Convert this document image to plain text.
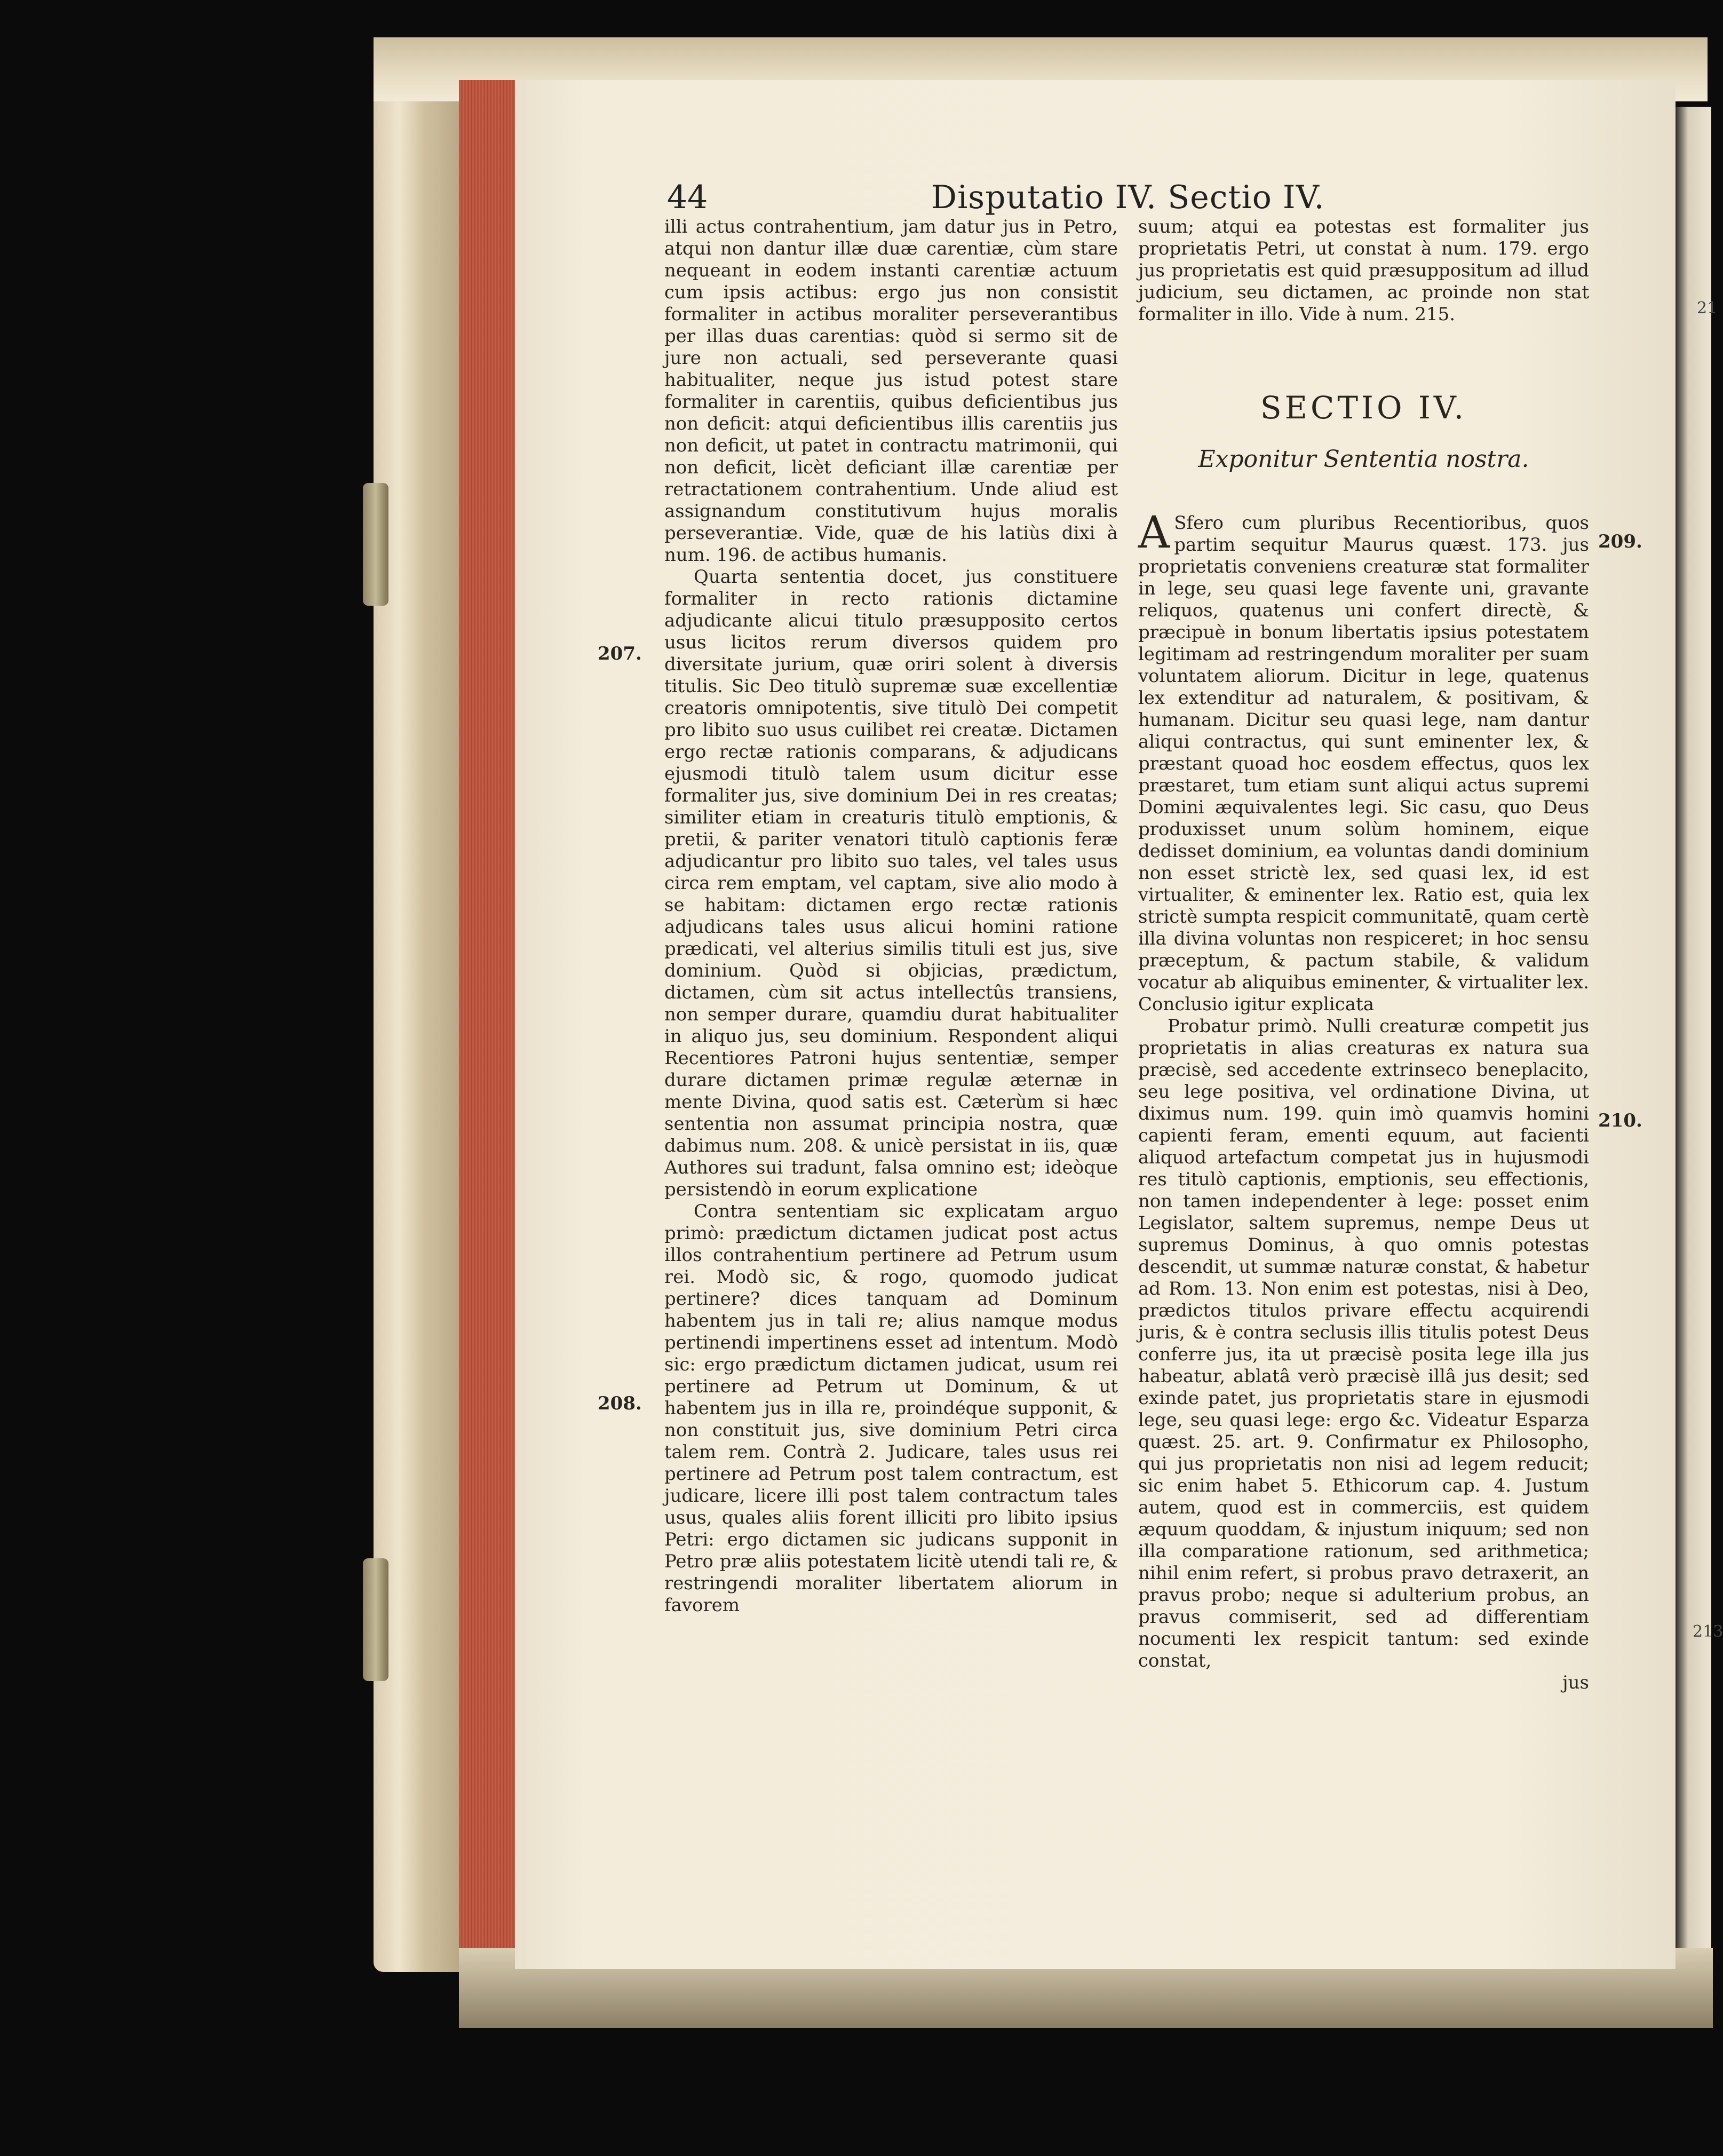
21
213
44	Disputatio IV. Sectio IV.
207.
208.
209.
210.

illi actus contrahentium, jam datur jus in Petro, atqui non dantur illæ duæ carentiæ, cùm stare nequeant in eodem instanti carentiæ actuum cum ipsis actibus: ergo jus non consistit formaliter in actibus moraliter perseverantibus per illas duas carentias: quòd si sermo sit de jure non actuali, sed perseverante quasi habitualiter, neque jus istud potest stare formaliter in carentiis, quibus deficientibus jus non deficit: atqui deficientibus illis carentiis jus non deficit, ut patet in contractu matrimonii, qui non deficit, licèt deficiant illæ carentiæ per retractationem contrahentium. Unde aliud est assignandum constitutivum hujus moralis perseverantiæ. Vide, quæ de his latiùs dixi à num. 196. de actibus humanis.

Quarta sententia docet, jus constituere formaliter in recto rationis dictamine adjudicante alicui titulo præsupposito certos usus licitos rerum diversos quidem pro diversitate jurium, quæ oriri solent à diversis titulis. Sic Deo titulò supremæ suæ excellentiæ creatoris omnipotentis, sive titulò Dei competit pro libito suo usus cuilibet rei creatæ. Dictamen ergo rectæ rationis comparans, & adjudicans ejusmodi titulò talem usum dicitur esse formaliter jus, sive dominium Dei in res creatas; similiter etiam in creaturis titulò emptionis, & pretii, & pariter venatori titulò captionis feræ adjudicantur pro libito suo tales, vel tales usus circa rem emptam, vel captam, sive alio modo à se habitam: dictamen ergo rectæ rationis adjudicans tales usus alicui homini ratione prædicati, vel alterius similis tituli est jus, sive dominium. Quòd si objicias, prædictum, dictamen, cùm sit actus intellectûs transiens, non semper durare, quamdiu durat habitualiter in aliquo jus, seu dominium. Respondent aliqui Recentiores Patroni hujus sententiæ, semper durare dictamen primæ regulæ æternæ in mente Divina, quod satis est. Cæterùm si hæc sententia non assumat principia nostra, quæ dabimus num. 208. & unicè persistat in iis, quæ Authores sui tradunt, falsa omnino est; ideòque persistendò in eorum explicatione

Contra sententiam sic explicatam arguo primò: prædictum dictamen judicat post actus illos contrahentium pertinere ad Petrum usum rei. Modò sic, & rogo, quomodo judicat pertinere? dices tanquam ad Dominum habentem jus in tali re; alius namque modus pertinendi impertinens esset ad intentum. Modò sic: ergo prædictum dictamen judicat, usum rei pertinere ad Petrum ut Dominum, & ut habentem jus in illa re, proindéque supponit, & non constituit jus, sive dominium Petri circa talem rem. Contrà 2. Judicare, tales usus rei pertinere ad Petrum post talem contractum, est judicare, licere illi post talem contractum tales usus, quales aliis forent illiciti pro libito ipsius Petri: ergo dictamen sic judicans supponit in Petro præ aliis potestatem licitè utendi tali re, & restringendi moraliter libertatem aliorum in favorem

suum; atqui ea potestas est formaliter jus proprietatis Petri, ut constat à num. 179. ergo jus proprietatis est quid præsuppositum ad illud judicium, seu dictamen, ac proinde non stat formaliter in illo. Vide à num. 215.

SECTIO IV.
Exponitur Sententia nostra.

A Sfero cum pluribus Recentioribus, quos partim sequitur Maurus quæst. 173. jus proprietatis conveniens creaturæ stat formaliter in lege, seu quasi lege favente uni, gravante reliquos, quatenus uni confert directè, & præcipuè in bonum libertatis ipsius potestatem legitimam ad restringendum moraliter per suam voluntatem aliorum. Dicitur in lege, quatenus lex extenditur ad naturalem, & positivam, & humanam. Dicitur seu quasi lege, nam dantur aliqui contractus, qui sunt eminenter lex, & præstant quoad hoc eosdem effectus, quos lex præstaret, tum etiam sunt aliqui actus supremi Domini æquivalentes legi. Sic casu, quo Deus produxisset unum solùm hominem, eique dedisset dominium, ea voluntas dandi dominium non esset strictè lex, sed quasi lex, id est virtualiter, & eminenter lex. Ratio est, quia lex strictè sumpta respicit communitatē, quam certè illa divina voluntas non respiceret; in hoc sensu præceptum, & pactum stabile, & validum vocatur ab aliquibus eminenter, & virtualiter lex. Conclusio igitur explicata

Probatur primò. Nulli creaturæ competit jus proprietatis in alias creaturas ex natura sua præcisè, sed accedente extrinseco beneplacito, seu lege positiva, vel ordinatione Divina, ut diximus num. 199. quin imò quamvis homini capienti feram, ementi equum, aut facienti aliquod artefactum competat jus in hujusmodi res titulò captionis, emptionis, seu effectionis, non tamen independenter à lege: posset enim Legislator, saltem supremus, nempe Deus ut supremus Dominus, à quo omnis potestas descendit, ut summæ naturæ constat, & habetur ad Rom. 13. Non enim est potestas, nisi à Deo, prædictos titulos privare effectu acquirendi juris, & è contra seclusis illis titulis potest Deus conferre jus, ita ut præcisè posita lege illa jus habeatur, ablatâ verò præcisè illâ jus desit; sed exinde patet, jus proprietatis stare in ejusmodi lege, seu quasi lege: ergo &c. Videatur Esparza quæst. 25. art. 9. Confirmatur ex Philosopho, qui jus proprietatis non nisi ad legem reducit; sic enim habet 5. Ethicorum cap. 4. Justum autem, quod est in commerciis, est quidem æquum quoddam, & injustum iniquum; sed non illa comparatione rationum, sed arithmetica; nihil enim refert, si probus pravo detraxerit, an pravus probo; neque si adulterium probus, an pravus commiserit, sed ad differentiam nocumenti lex respicit tantum: sed exinde constat,

jus
